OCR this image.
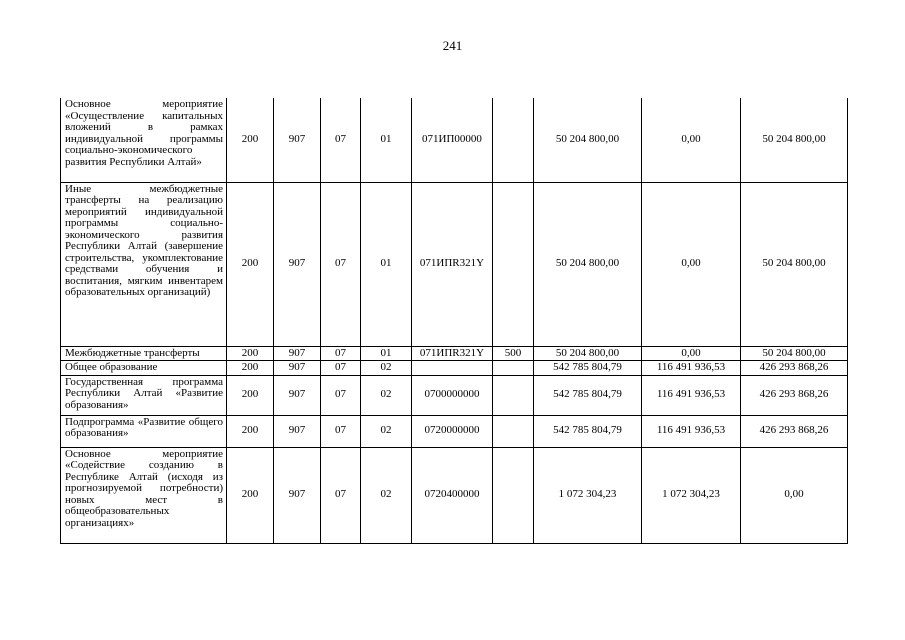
241
Основное мероприятие «Осуществление капитальных вложений в рамках индивидуальной программы социально-экономического развития Республики Алтай»	200	907	07	01	071ИП00000		50 204 800,00	0,00	50 204 800,00
Иные межбюджетные трансферты на реализацию мероприятий индивидуальной программы социально-экономического развития Республики Алтай (завершение строительства, укомплектование средствами обучения и воспитания, мягким инвентарем образовательных организаций)	200	907	07	01	071ИПR321Y		50 204 800,00	0,00	50 204 800,00
Межбюджетные трансферты	200	907	07	01	071ИПR321Y	500	50 204 800,00	0,00	50 204 800,00
Общее образование	200	907	07	02			542 785 804,79	116 491 936,53	426 293 868,26
Государственная программа Республики Алтай «Развитие образования»	200	907	07	02	0700000000		542 785 804,79	116 491 936,53	426 293 868,26
Подпрограмма «Развитие общего образования»	200	907	07	02	0720000000		542 785 804,79	116 491 936,53	426 293 868,26
Основное мероприятие «Содействие созданию в Республике Алтай (исходя из прогнозируемой потребности) новых мест в общеобразовательных организациях»	200	907	07	02	0720400000		1 072 304,23	1 072 304,23	0,00
